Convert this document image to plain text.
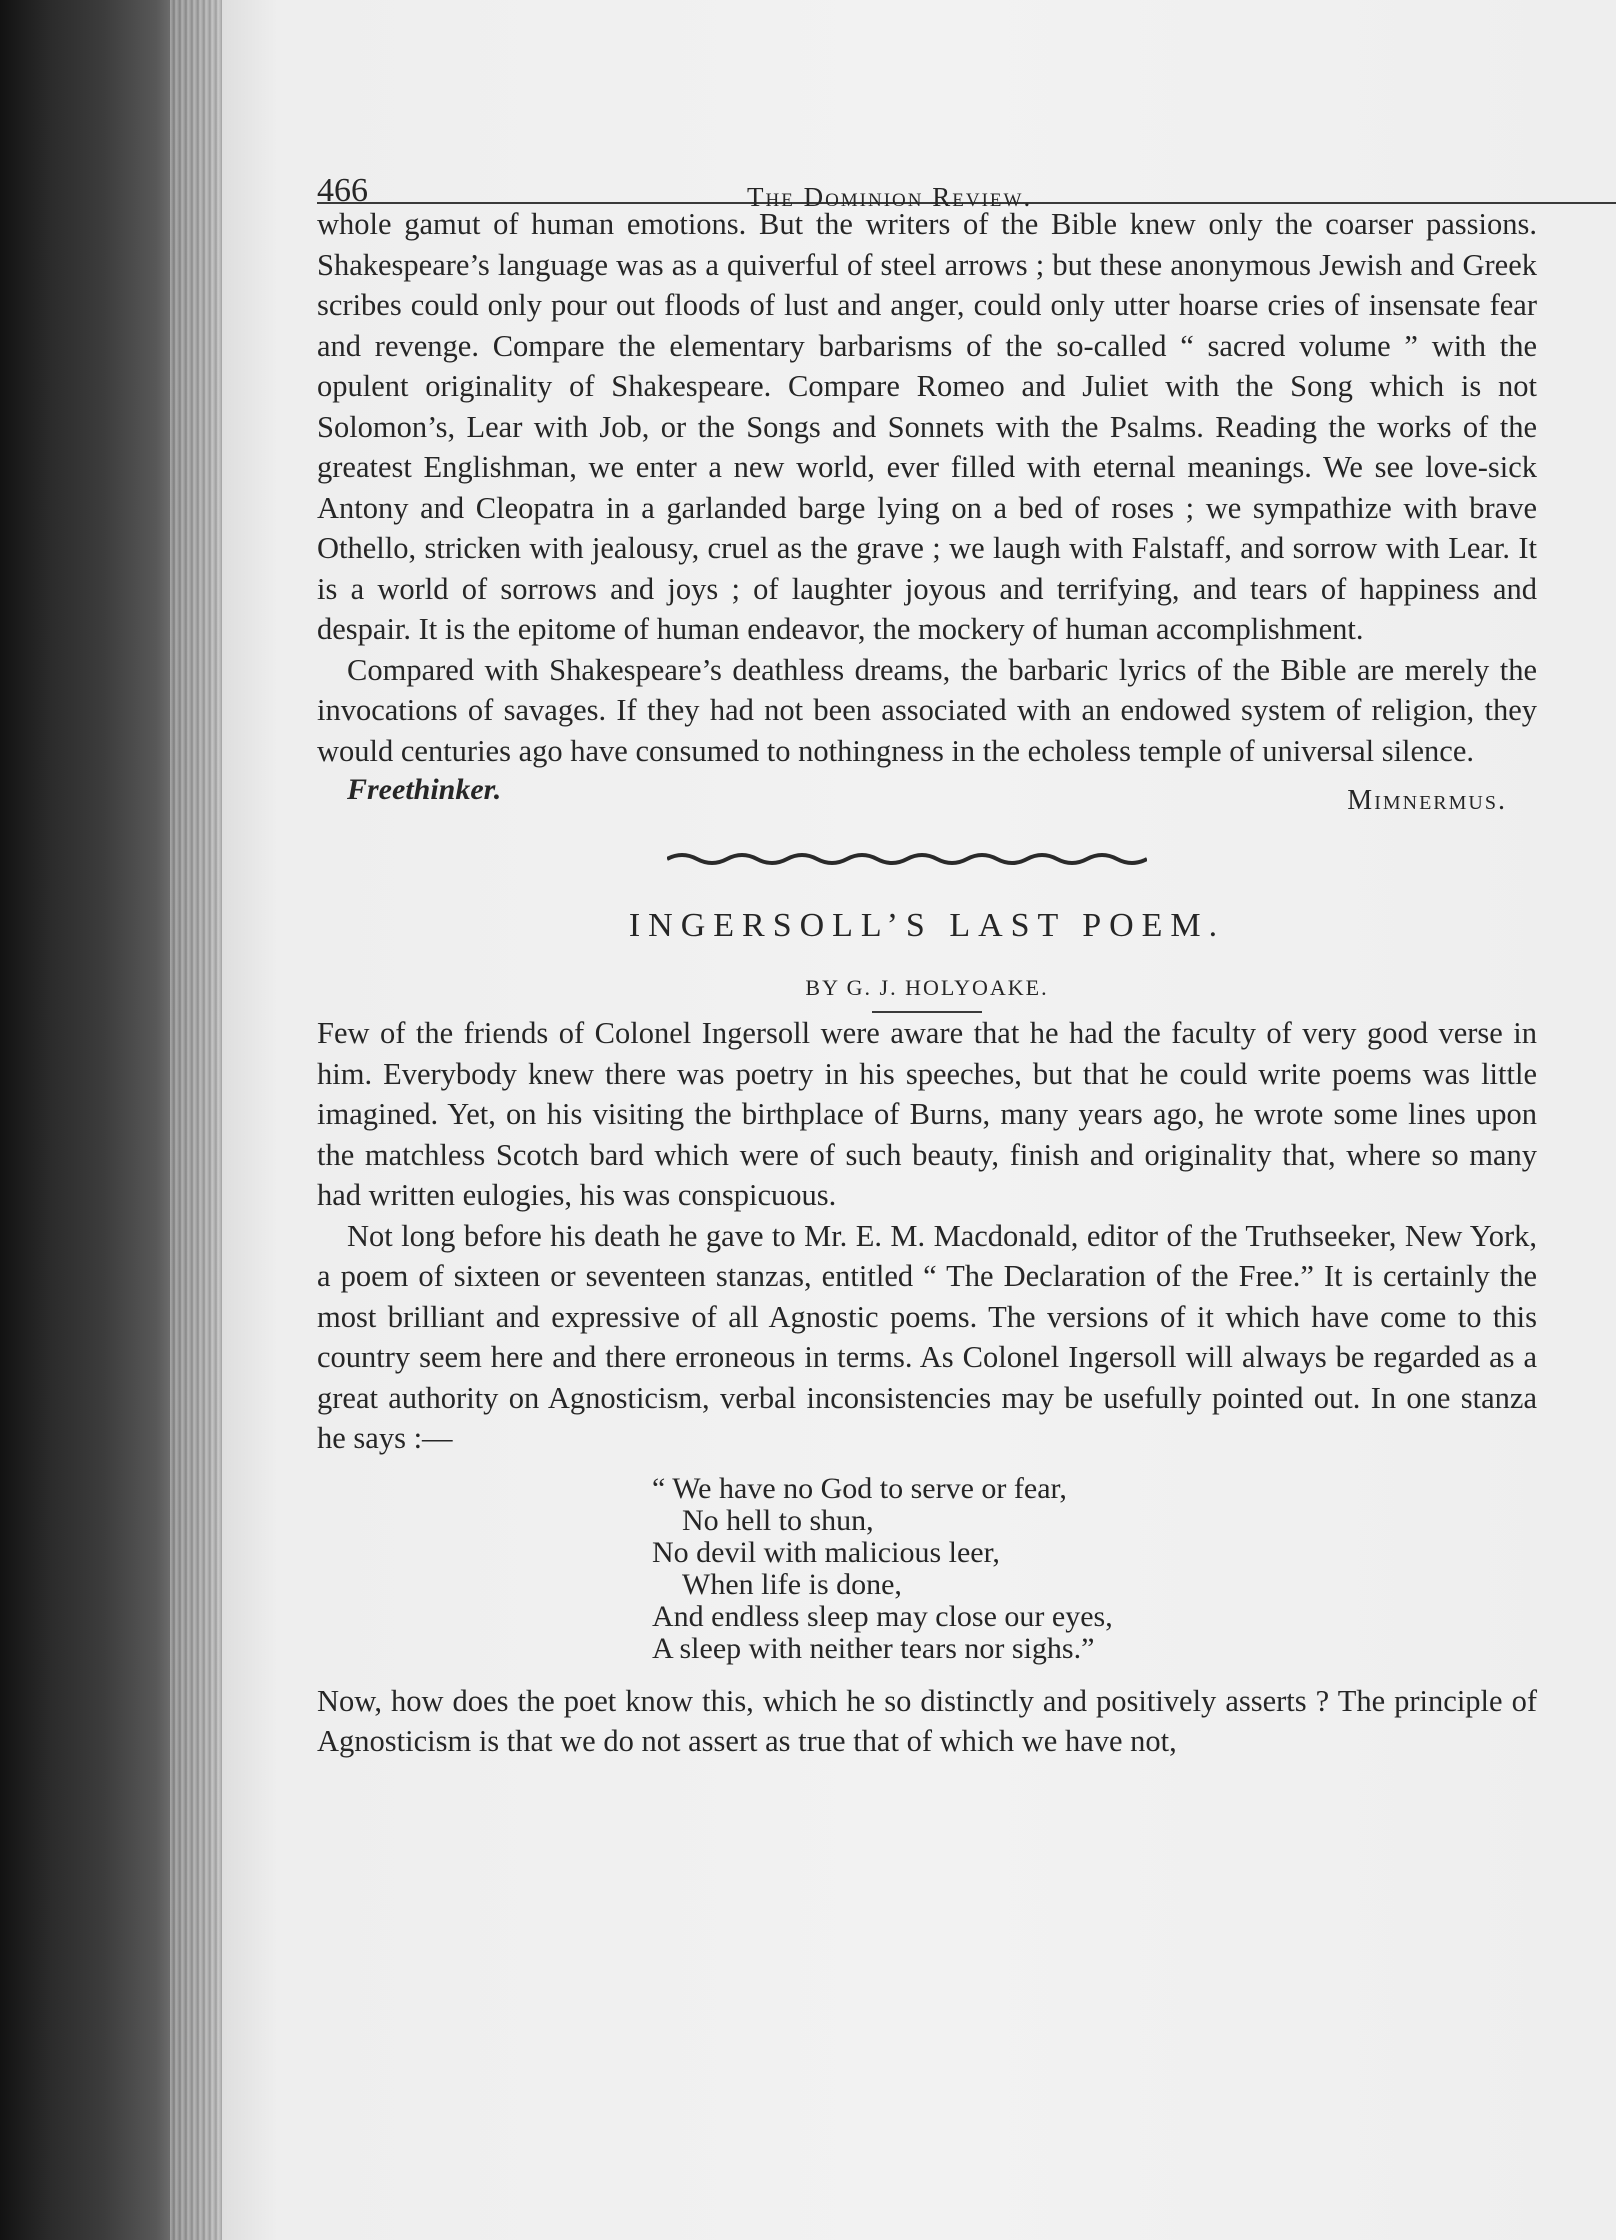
466	The Dominion Review.

whole gamut of human emotions. But the writers of the Bible knew only the coarser passions. Shakespeare’s language was as a quiverful of steel arrows ; but these anonymous Jewish and Greek scribes could only pour out floods of lust and anger, could only utter hoarse cries of insensate fear and revenge. Compare the elementary barbarisms of the so-called “ sacred volume ” with the opulent originality of Shakespeare. Compare Romeo and Juliet with the Song which is not Solomon’s, Lear with Job, or the Songs and Sonnets with the Psalms. Reading the works of the greatest Englishman, we enter a new world, ever filled with eternal meanings. We see love-sick Antony and Cleopatra in a garlanded barge lying on a bed of roses ; we sympathize with brave Othello, stricken with jealousy, cruel as the grave ; we laugh with Falstaff, and sorrow with Lear. It is a world of sorrows and joys ; of laughter joyous and terrifying, and tears of happiness and despair. It is the epitome of human endeavor, the mockery of human accomplishment.

Compared with Shakespeare’s deathless dreams, the barbaric lyrics of the Bible are merely the invocations of savages. If they had not been associated with an endowed system of religion, they would centuries ago have consumed to nothingness in the echoless temple of universal silence.

Freethinker.	Mimnermus.
INGERSOLL’S LAST POEM.
BY G. J. HOLYOAKE.

Few of the friends of Colonel Ingersoll were aware that he had the faculty of very good verse in him. Everybody knew there was poetry in his speeches, but that he could write poems was little imagined. Yet, on his visiting the birthplace of Burns, many years ago, he wrote some lines upon the matchless Scotch bard which were of such beauty, finish and originality that, where so many had written eulogies, his was conspicuous.

Not long before his death he gave to Mr. E. M. Macdonald, editor of the Truthseeker, New York, a poem of sixteen or seventeen stanzas, entitled “ The Declaration of the Free.” It is certainly the most brilliant and expressive of all Agnostic poems. The versions of it which have come to this country seem here and there erroneous in terms. As Colonel Ingersoll will always be regarded as a great authority on Agnosticism, verbal inconsistencies may be usefully pointed out. In one stanza he says :—

“ We have no God to serve or fear,
No hell to shun,
No devil with malicious leer,
When life is done,
And endless sleep may close our eyes,
A sleep with neither tears nor sighs.”

Now, how does the poet know this, which he so distinctly and positively asserts ? The principle of Agnosticism is that we do not assert as true that of which we have not,
